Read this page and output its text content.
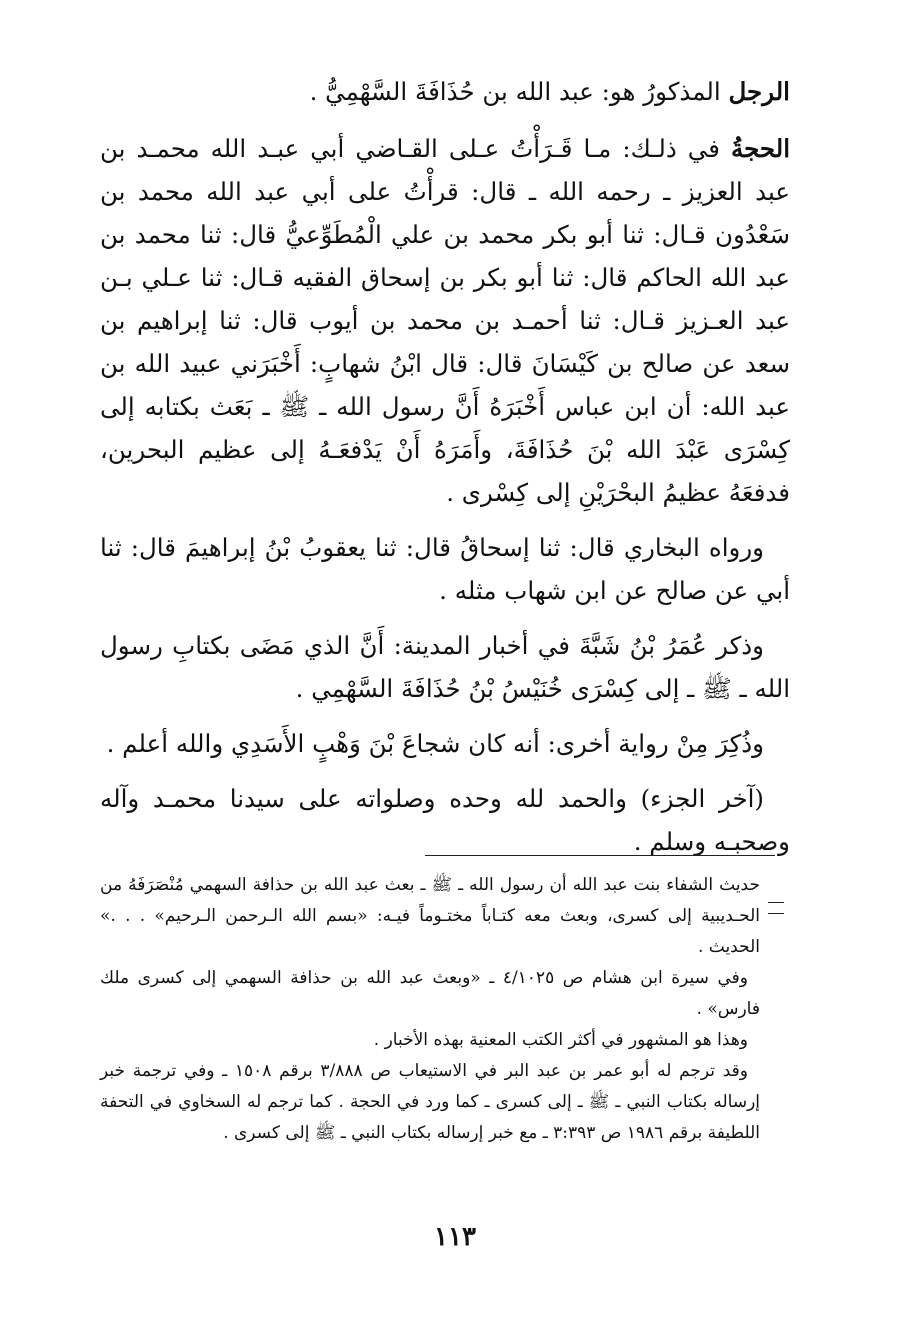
الرجل المذكورُ هو: عبد الله بن حُذَافَةَ السَّهْمِيُّ .

الحجةُ في ذلـك: مـا قَـرَأْتُ عـلى القـاضي أبي عبـد الله محمـد بن عبد العزيز ـ رحمه الله ـ قال: قرأْتُ على أبي عبد الله محمد بن سَعْدُون قـال: ثنا أبو بكر محمد بن علي الْمُطَوِّعيُّ قال: ثنا محمد بن عبد الله الحاكم قال: ثنا أبو بكر بن إسحاق الفقيه قـال: ثنا عـلي بـن عبد العـزيز قـال: ثنا أحمـد بن محمد بن أيوب قال: ثنا إبراهيم بن سعد عن صالح بن كَيْسَانَ قال: قال ابْنُ شهابٍ: أَخْبَرَني عبيد الله بن عبد الله: أن ابن عباس أَخْبَرَهُ أَنَّ رسول الله ـ ﷺ ـ بَعَث بكتابه إلى كِسْرَى عَبْدَ الله بْنَ حُذَافَةَ، وأَمَرَهُ أَنْ يَدْفعَـهُ إلى عظيم البحرين، فدفعَهُ عظيمُ البحْرَيْنِ إلى كِسْرى .

ورواه البخاري قال: ثنا إسحاقُ قال: ثنا يعقوبُ بْنُ إبراهيمَ قال: ثنا أبي عن صالح عن ابن شهاب مثله .

وذكر عُمَرُ بْنُ شَبَّةَ في أخبار المدينة: أَنَّ الذي مَضَى بكتابِ رسول الله ـ ﷺ ـ إلى كِسْرَى خُنَيْسُ بْنُ حُذَافَةَ السَّهْمِي .

وذُكِرَ مِنْ رواية أخرى: أنه كان شجاعَ بْنَ وَهْبٍ الأَسَدِي والله أعلم .

(آخر الجزء) والحمد لله وحده وصلواته على سيدنا محمـد وآله وصحبـه وسلم .

حديث الشفاء بنت عبد الله أن رسول الله ـ ﷺ ـ بعث عبد الله بن حذافة السهمي مُنْصَرَفَهُ من الحـديبية إلى كسرى، وبعث معه كتـاباً مختـوماً فيـه: «بسم الله الـرحمن الـرحيم» . . .» الحديث .

وفي سيرة ابن هشام ص ٤/١٠٢٥ ـ «وبعث عبد الله بن حذافة السهمي إلى كسرى ملك فارس» .

وهذا هو المشهور في أكثر الكتب المعنية بهذه الأخبار .

وقد ترجم له أبو عمر بن عبد البر في الاستيعاب ص ٣/٨٨٨ برقم ١٥٠٨ ـ وفي ترجمة خبر إرساله بكتاب النبي ـ ﷺ ـ إلى كسرى ـ كما ورد في الحجة . كما ترجم له السخاوي في التحفة اللطيفة برقم ١٩٨٦ ص ٣:٣٩٣ ـ مع خبر إرساله بكتاب النبي ـ ﷺ إلى كسرى .

١١٣
